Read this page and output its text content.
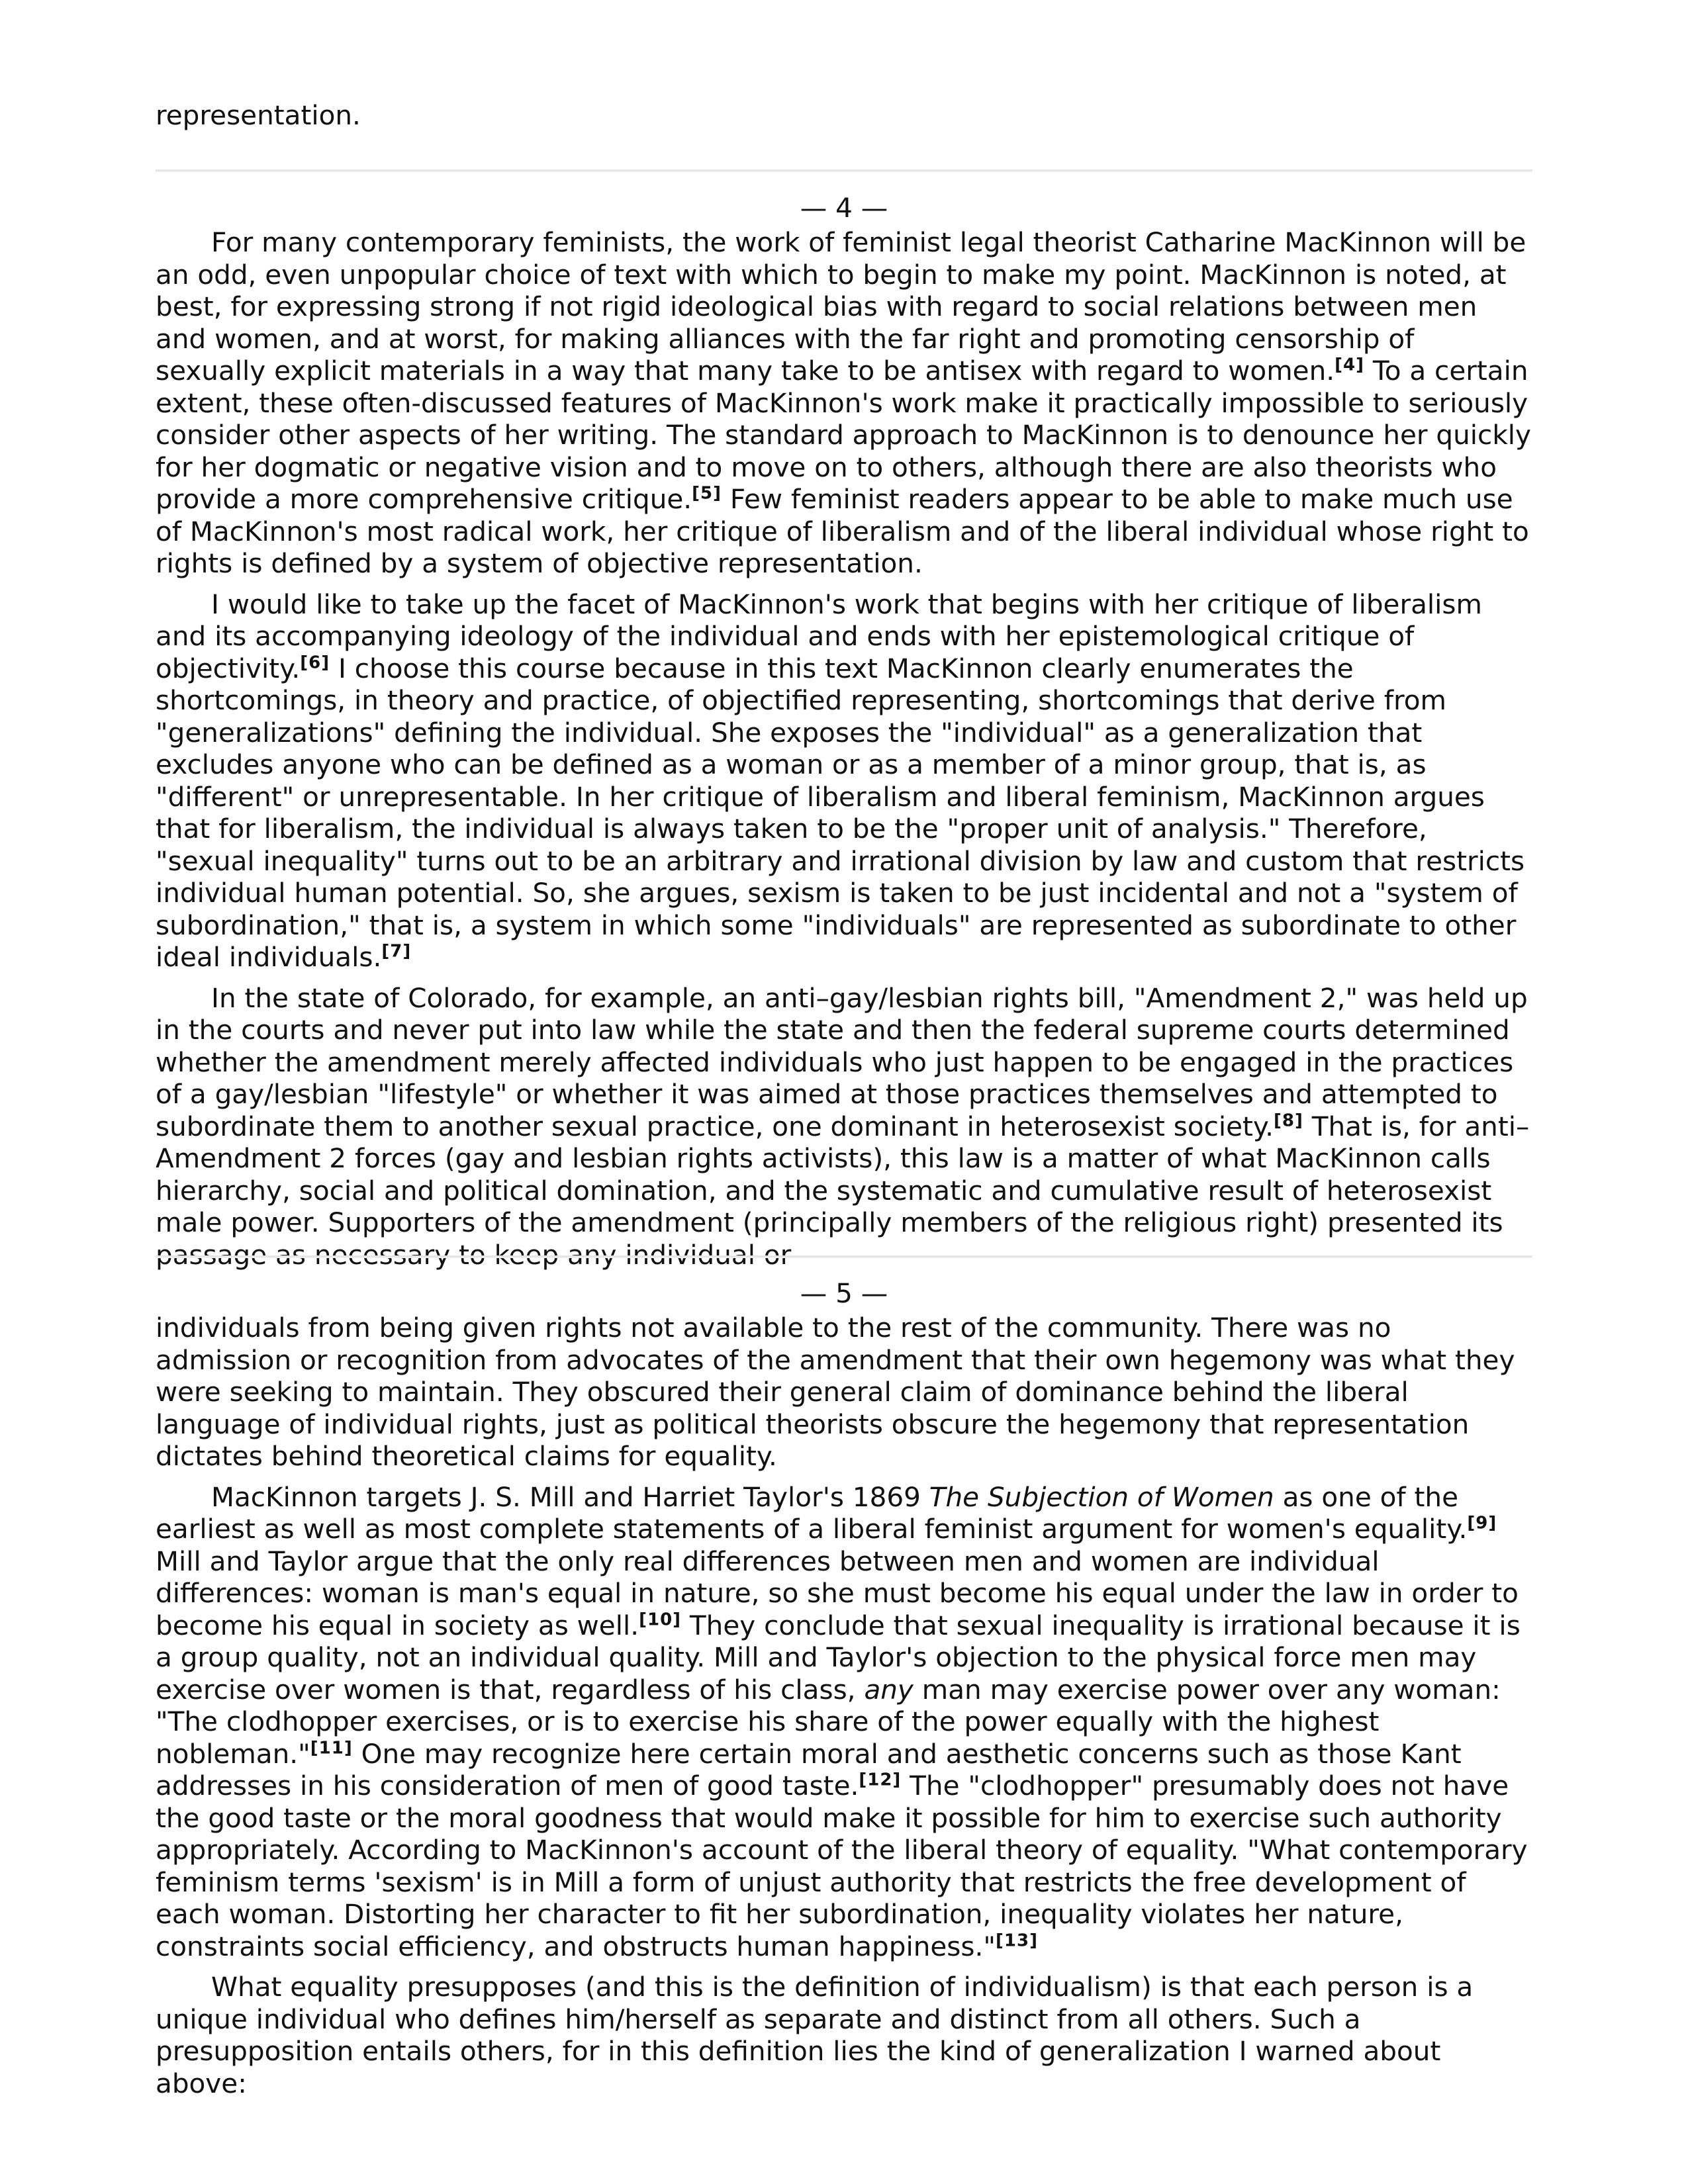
representation.

— 4 —

For many contemporary feminists, the work of feminist legal theorist Catharine MacKinnon will be an odd, even unpopular choice of text with which to begin to make my point. MacKinnon is noted, at best, for expressing strong if not rigid ideological bias with regard to social relations between men and women, and at worst, for making alliances with the far right and promoting censorship of sexually explicit materials in a way that many take to be antisex with regard to women.[4] To a certain extent, these often-discussed features of MacKinnon's work make it practically impossible to seriously consider other aspects of her writing. The standard approach to MacKinnon is to denounce her quickly for her dogmatic or negative vision and to move on to others, although there are also theorists who provide a more comprehensive critique.[5] Few feminist readers appear to be able to make much use of MacKinnon's most radical work, her critique of liberalism and of the liberal individual whose right to rights is defined by a system of objective representation.

I would like to take up the facet of MacKinnon's work that begins with her critique of liberalism and its accompanying ideology of the individual and ends with her epistemological critique of objectivity.[6] I choose this course because in this text MacKinnon clearly enumerates the shortcomings, in theory and practice, of objectified representing, shortcomings that derive from "generalizations" defining the individual. She exposes the "individual" as a generalization that excludes anyone who can be defined as a woman or as a member of a minor group, that is, as "different" or unrepresentable. In her critique of liberalism and liberal feminism, MacKinnon argues that for liberalism, the individual is always taken to be the "proper unit of analysis." Therefore, "sexual inequality" turns out to be an arbitrary and irrational division by law and custom that restricts individual human potential. So, she argues, sexism is taken to be just incidental and not a "system of subordination," that is, a system in which some "individuals" are represented as subordinate to other ideal individuals.[7]

In the state of Colorado, for example, an anti–gay/lesbian rights bill, "Amendment 2," was held up in the courts and never put into law while the state and then the federal supreme courts determined whether the amendment merely affected individuals who just happen to be engaged in the practices of a gay/lesbian "lifestyle" or whether it was aimed at those practices themselves and attempted to subordinate them to another sexual practice, one dominant in heterosexist society.[8] That is, for anti–Amendment 2 forces (gay and lesbian rights activists), this law is a matter of what MacKinnon calls hierarchy, social and political domination, and the systematic and cumulative result of heterosexist male power. Supporters of the amendment (principally members of the religious right) presented its passage as necessary to keep any individual or

— 5 —

individuals from being given rights not available to the rest of the community. There was no admission or recognition from advocates of the amendment that their own hegemony was what they were seeking to maintain. They obscured their general claim of dominance behind the liberal language of individual rights, just as political theorists obscure the hegemony that representation dictates behind theoretical claims for equality.

MacKinnon targets J. S. Mill and Harriet Taylor's 1869 The Subjection of Women as one of the earliest as well as most complete statements of a liberal feminist argument for women's equality.[9] Mill and Taylor argue that the only real differences between men and women are individual differences: woman is man's equal in nature, so she must become his equal under the law in order to become his equal in society as well.[10] They conclude that sexual inequality is irrational because it is a group quality, not an individual quality. Mill and Taylor's objection to the physical force men may exercise over women is that, regardless of his class, any man may exercise power over any woman: "The clodhopper exercises, or is to exercise his share of the power equally with the highest nobleman."[11] One may recognize here certain moral and aesthetic concerns such as those Kant addresses in his consideration of men of good taste.[12] The "clodhopper" presumably does not have the good taste or the moral goodness that would make it possible for him to exercise such authority appropriately. According to MacKinnon's account of the liberal theory of equality. "What contemporary feminism terms 'sexism' is in Mill a form of unjust authority that restricts the free development of each woman. Distorting her character to fit her subordination, inequality violates her nature, constraints social efficiency, and obstructs human happiness."[13]

What equality presupposes (and this is the definition of individualism) is that each person is a unique individual who defines him/herself as separate and distinct from all others. Such a presupposition entails others, for in this definition lies the kind of generalization I warned about above:
